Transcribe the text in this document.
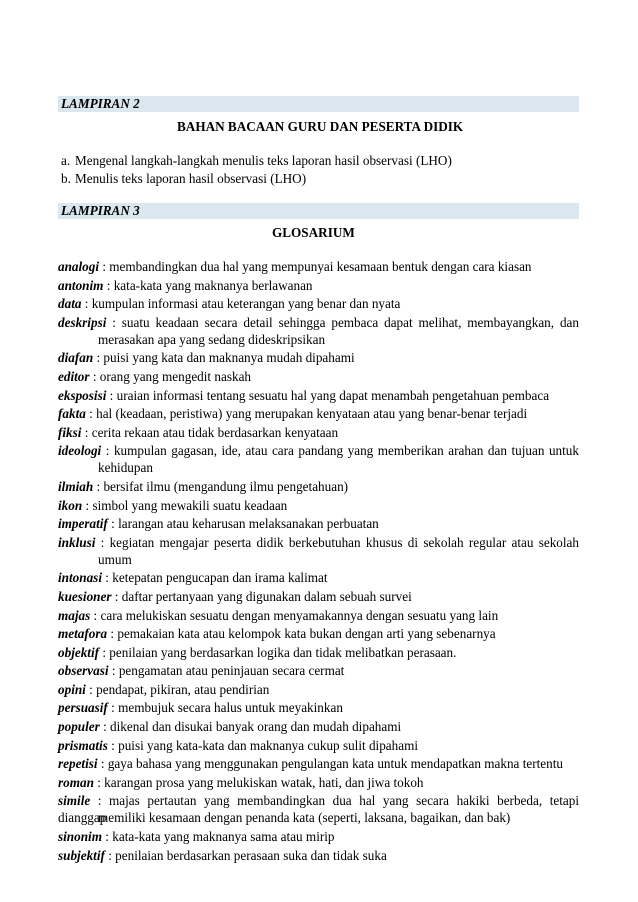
LAMPIRAN 2
BAHAN BACAAN GURU DAN PESERTA DIDIK
a. Mengenal langkah-langkah menulis teks laporan hasil observasi (LHO)
b. Menulis teks laporan hasil observasi (LHO)
LAMPIRAN 3
GLOSARIUM
analogi : membandingkan dua hal yang mempunyai kesamaan bentuk dengan cara kiasan
antonim : kata-kata yang maknanya berlawanan
data : kumpulan informasi atau keterangan yang benar dan nyata
deskripsi : suatu keadaan secara detail sehingga pembaca dapat melihat, membayangkan, dan
merasakan apa yang sedang dideskripsikan
diafan : puisi yang kata dan maknanya mudah dipahami
editor : orang yang mengedit naskah
eksposisi : uraian informasi tentang sesuatu hal yang dapat menambah pengetahuan pembaca
fakta : hal (keadaan, peristiwa) yang merupakan kenyataan atau yang benar-benar terjadi
fiksi : cerita rekaan atau tidak berdasarkan kenyataan
ideologi : kumpulan gagasan, ide, atau cara pandang yang memberikan arahan dan tujuan untuk
kehidupan
ilmiah : bersifat ilmu (mengandung ilmu pengetahuan)
ikon : simbol yang mewakili suatu keadaan
imperatif : larangan atau keharusan melaksanakan perbuatan
inklusi : kegiatan mengajar peserta didik berkebutuhan khusus di sekolah regular atau sekolah
umum
intonasi : ketepatan pengucapan dan irama kalimat
kuesioner : daftar pertanyaan yang digunakan dalam sebuah survei
majas : cara melukiskan sesuatu dengan menyamakannya dengan sesuatu yang lain
metafora : pemakaian kata atau kelompok kata bukan dengan arti yang sebenarnya
objektif : penilaian yang berdasarkan logika dan tidak melibatkan perasaan.
observasi : pengamatan atau peninjauan secara cermat
opini : pendapat, pikiran, atau pendirian
persuasif : membujuk secara halus untuk meyakinkan
populer : dikenal dan disukai banyak orang dan mudah dipahami
prismatis : puisi yang kata-kata dan maknanya cukup sulit dipahami
repetisi : gaya bahasa yang menggunakan pengulangan kata untuk mendapatkan makna tertentu
roman : karangan prosa yang melukiskan watak, hati, dan jiwa tokoh
simile : majas pertautan yang membandingkan dua hal yang secara hakiki berbeda, tetapi dianggap
memiliki kesamaan dengan penanda kata (seperti, laksana, bagaikan, dan bak)
sinonim : kata-kata yang maknanya sama atau mirip
subjektif : penilaian berdasarkan perasaan suka dan tidak suka
